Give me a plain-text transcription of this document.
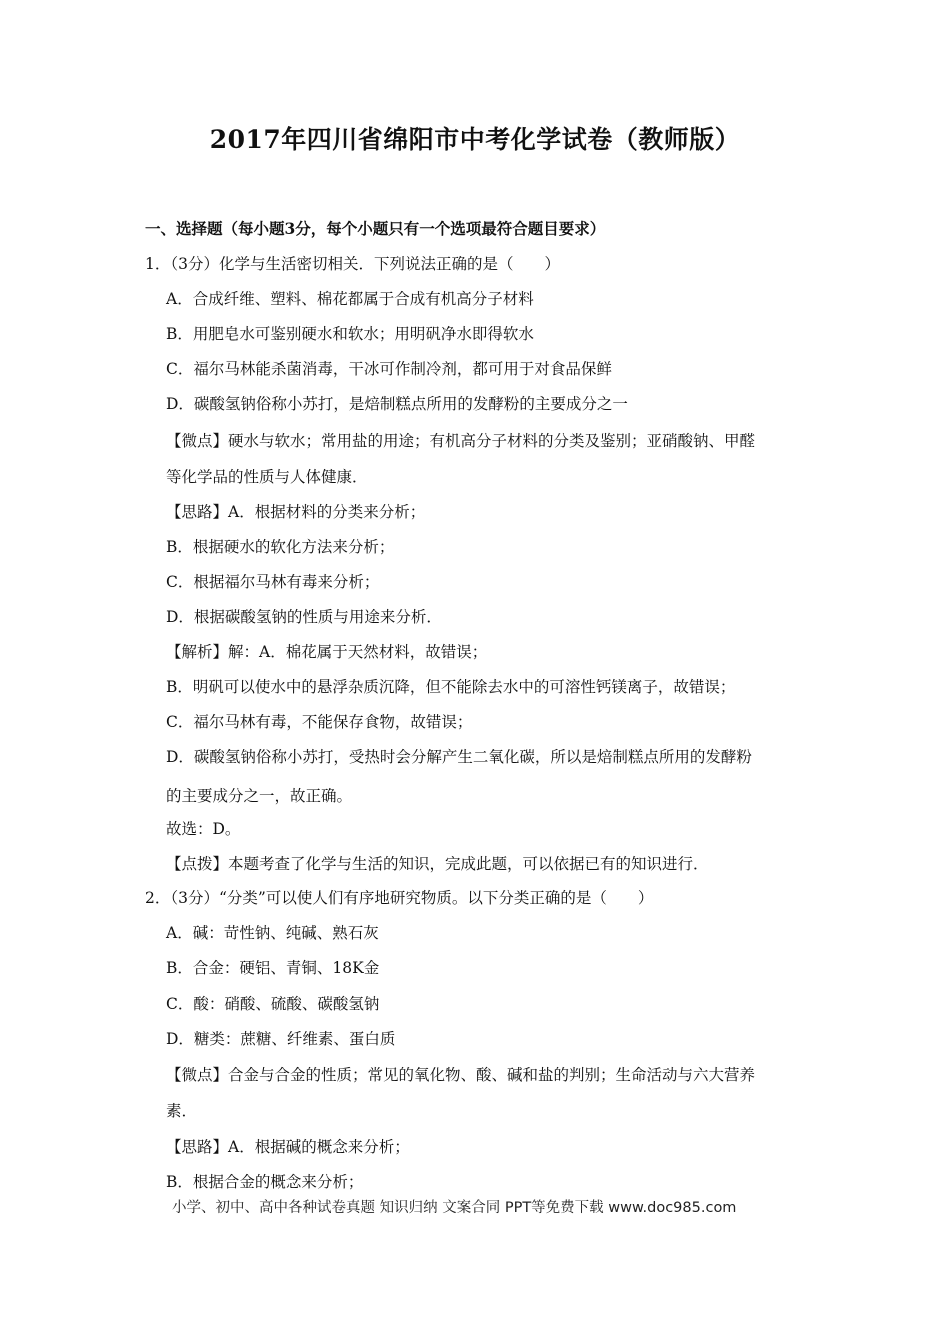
2017年四川省绵阳市中考化学试卷（教师版）
一、选择题（每小题3分，每个小题只有一个选项最符合题目要求）
1．（3分）化学与生活密切相关．下列说法正确的是（　　）
A．合成纤维、塑料、棉花都属于合成有机高分子材料
B．用肥皂水可鉴别硬水和软水；用明矾净水即得软水
C．福尔马林能杀菌消毒，干冰可作制冷剂，都可用于对食品保鲜
D．碳酸氢钠俗称小苏打，是焙制糕点所用的发酵粉的主要成分之一
【微点】硬水与软水；常用盐的用途；有机高分子材料的分类及鉴别；亚硝酸钠、甲醛
等化学品的性质与人体健康．
【思路】A．根据材料的分类来分析；
B．根据硬水的软化方法来分析；
C．根据福尔马林有毒来分析；
D．根据碳酸氢钠的性质与用途来分析．
【解析】解：A．棉花属于天然材料，故错误；
B．明矾可以使水中的悬浮杂质沉降，但不能除去水中的可溶性钙镁离子，故错误；
C．福尔马林有毒，不能保存食物，故错误；
D．碳酸氢钠俗称小苏打，受热时会分解产生二氧化碳，所以是焙制糕点所用的发酵粉
的主要成分之一，故正确。
故选：D。
【点拨】本题考查了化学与生活的知识，完成此题，可以依据已有的知识进行．
2．（3分）“分类”可以使人们有序地研究物质。以下分类正确的是（　　）
A．碱：苛性钠、纯碱、熟石灰
B．合金：硬铝、青铜、18K金
C．酸：硝酸、硫酸、碳酸氢钠
D．糖类：蔗糖、纤维素、蛋白质
【微点】合金与合金的性质；常见的氧化物、酸、碱和盐的判别；生命活动与六大营养
素．
【思路】A．根据碱的概念来分析；
B．根据合金的概念来分析；
小学、初中、高中各种试卷真题 知识归纳 文案合同 PPT等免费下载 www.doc985.com
